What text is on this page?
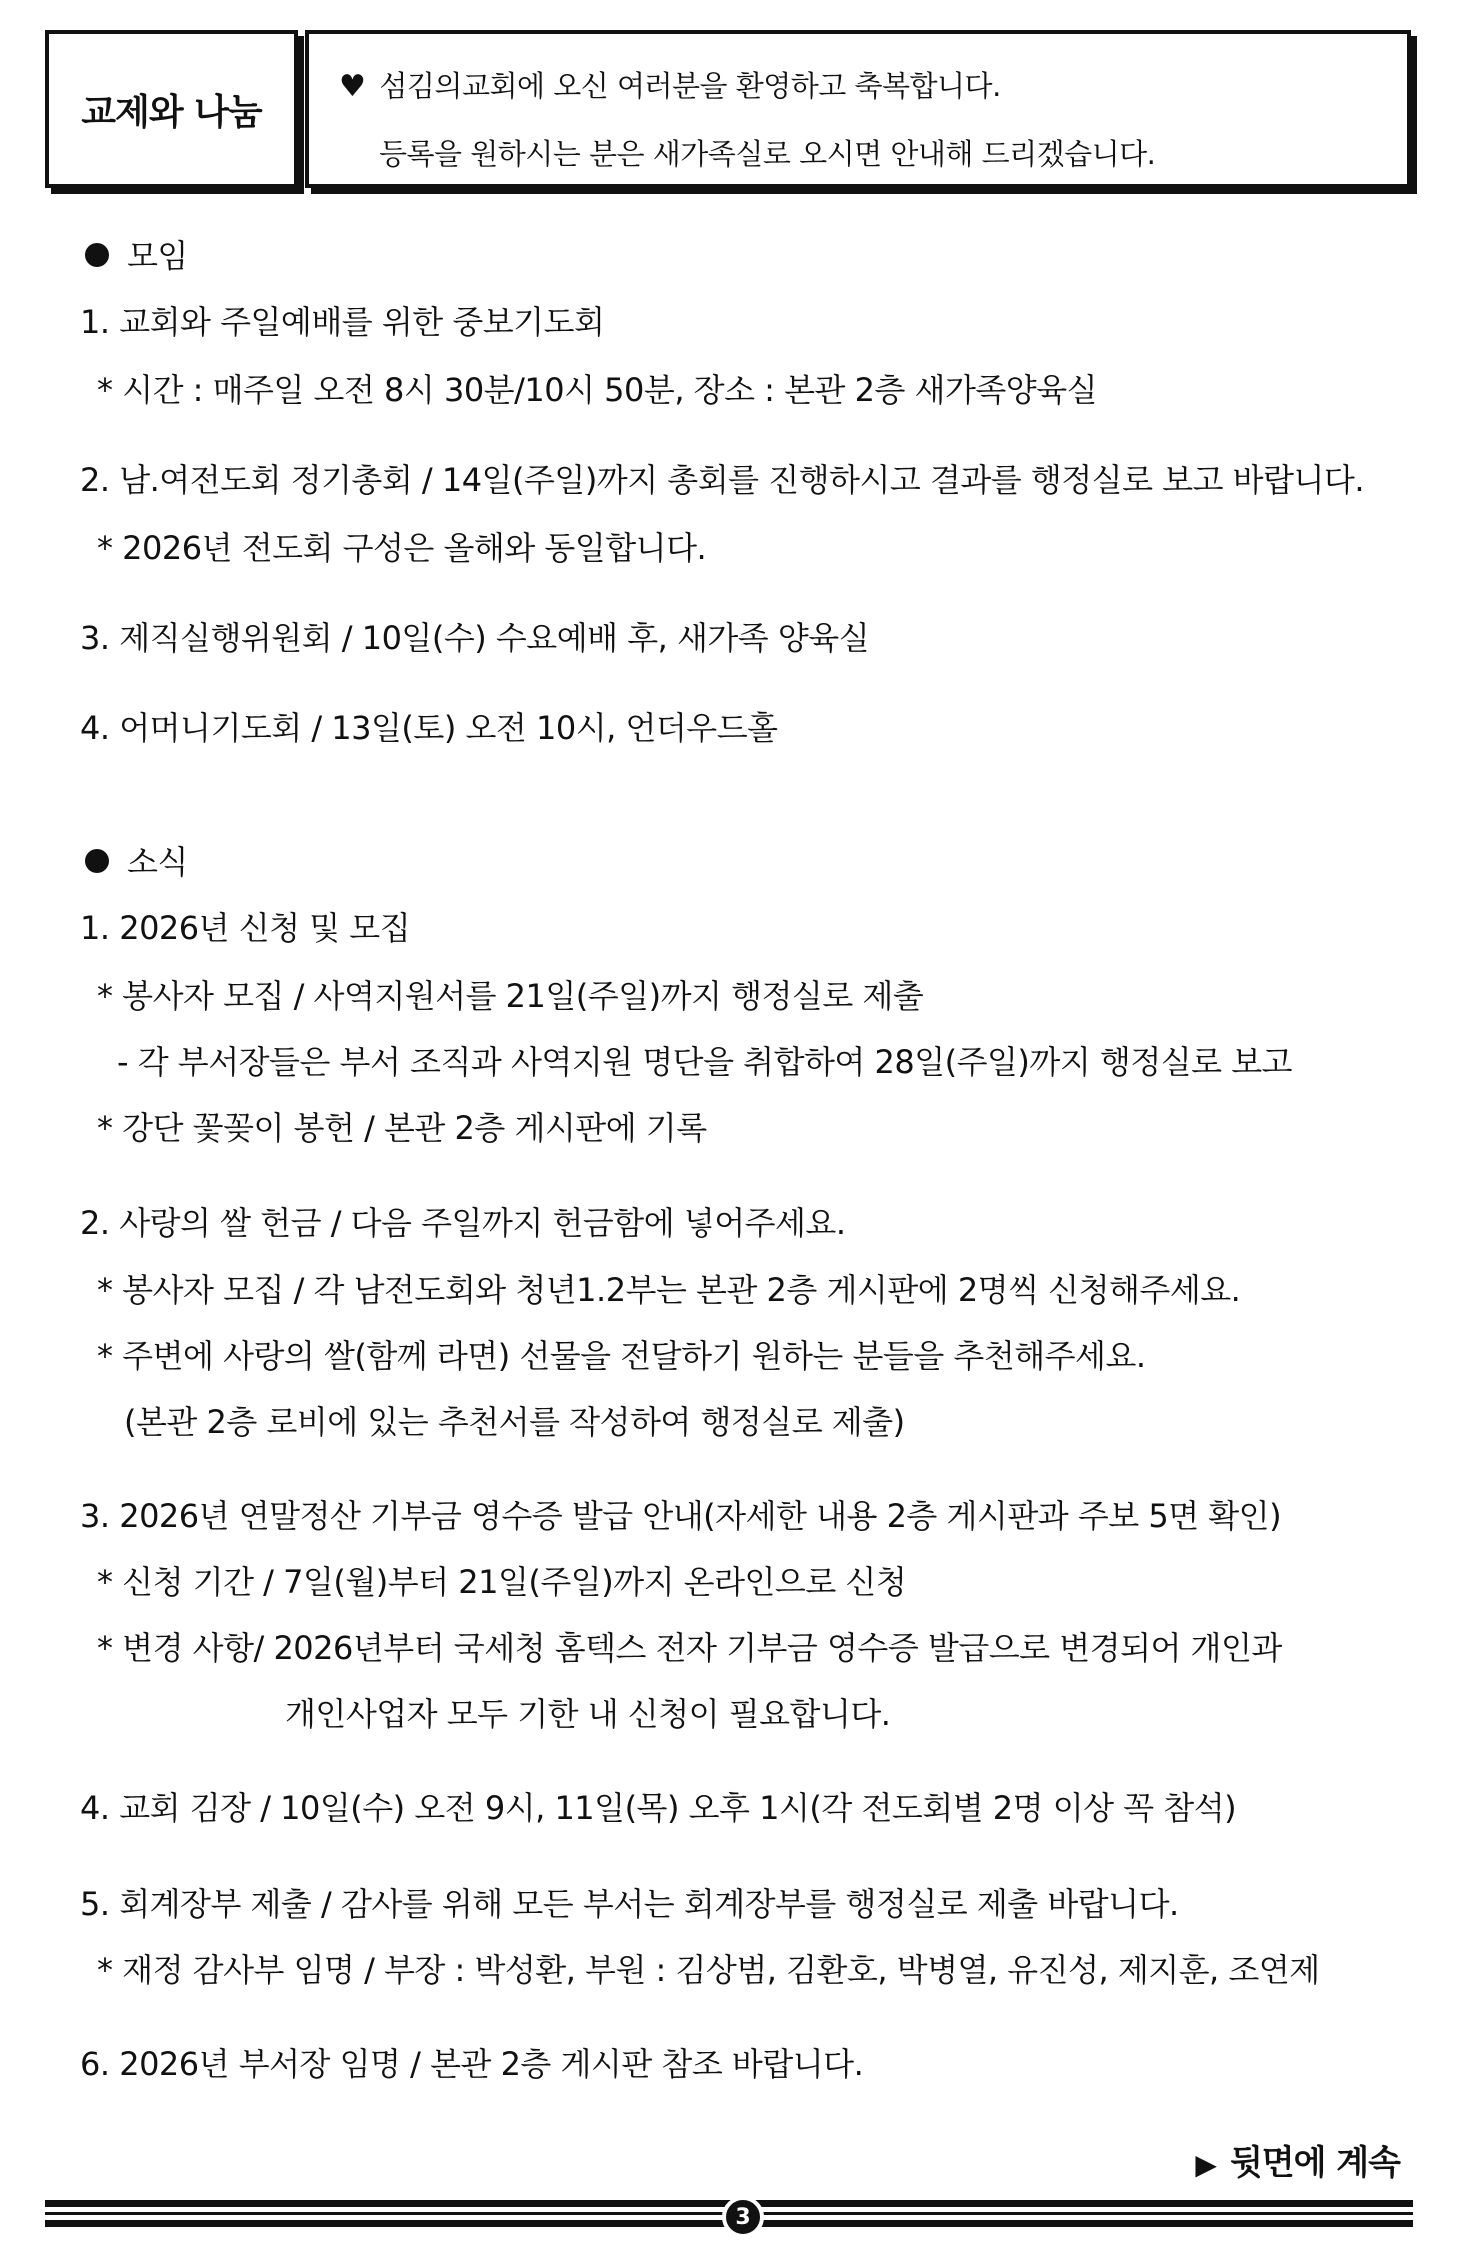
교제와 나눔
♥ 섬김의교회에 오신 여러분을 환영하고 축복합니다.
등록을 원하시는 분은 새가족실로 오시면 안내해 드리겠습니다.
모임
1. 교회와 주일예배를 위한 중보기도회
* 시간 : 매주일 오전 8시 30분/10시 50분, 장소 : 본관 2층 새가족양육실
2. 남.여전도회 정기총회 / 14일(주일)까지 총회를 진행하시고 결과를 행정실로 보고 바랍니다.
* 2026년 전도회 구성은 올해와 동일합니다.
3. 제직실행위원회 / 10일(수) 수요예배 후, 새가족 양육실
4. 어머니기도회 / 13일(토) 오전 10시, 언더우드홀
소식
1. 2026년 신청 및 모집
* 봉사자 모집 / 사역지원서를 21일(주일)까지 행정실로 제출
- 각 부서장들은 부서 조직과 사역지원 명단을 취합하여 28일(주일)까지 행정실로 보고
* 강단 꽃꽂이 봉헌 / 본관 2층 게시판에 기록
2. 사랑의 쌀 헌금 / 다음 주일까지 헌금함에 넣어주세요.
* 봉사자 모집 / 각 남전도회와 청년1.2부는 본관 2층 게시판에 2명씩 신청해주세요.
* 주변에 사랑의 쌀(함께 라면) 선물을 전달하기 원하는 분들을 추천해주세요.
(본관 2층 로비에 있는 추천서를 작성하여 행정실로 제출)
3. 2026년 연말정산 기부금 영수증 발급 안내(자세한 내용 2층 게시판과 주보 5면 확인)
* 신청 기간 / 7일(월)부터 21일(주일)까지 온라인으로 신청
* 변경 사항/ 2026년부터 국세청 홈텍스 전자 기부금 영수증 발급으로 변경되어 개인과
개인사업자 모두 기한 내 신청이 필요합니다.
4. 교회 김장 / 10일(수) 오전 9시, 11일(목) 오후 1시(각 전도회별 2명 이상 꼭 참석)
5. 회계장부 제출 / 감사를 위해 모든 부서는 회계장부를 행정실로 제출 바랍니다.
* 재정 감사부 임명 / 부장 : 박성환, 부원 : 김상범, 김환호, 박병열, 유진성, 제지훈, 조연제
6. 2026년 부서장 임명 / 본관 2층 게시판 참조 바랍니다.
▶ 뒷면에 계속
3
